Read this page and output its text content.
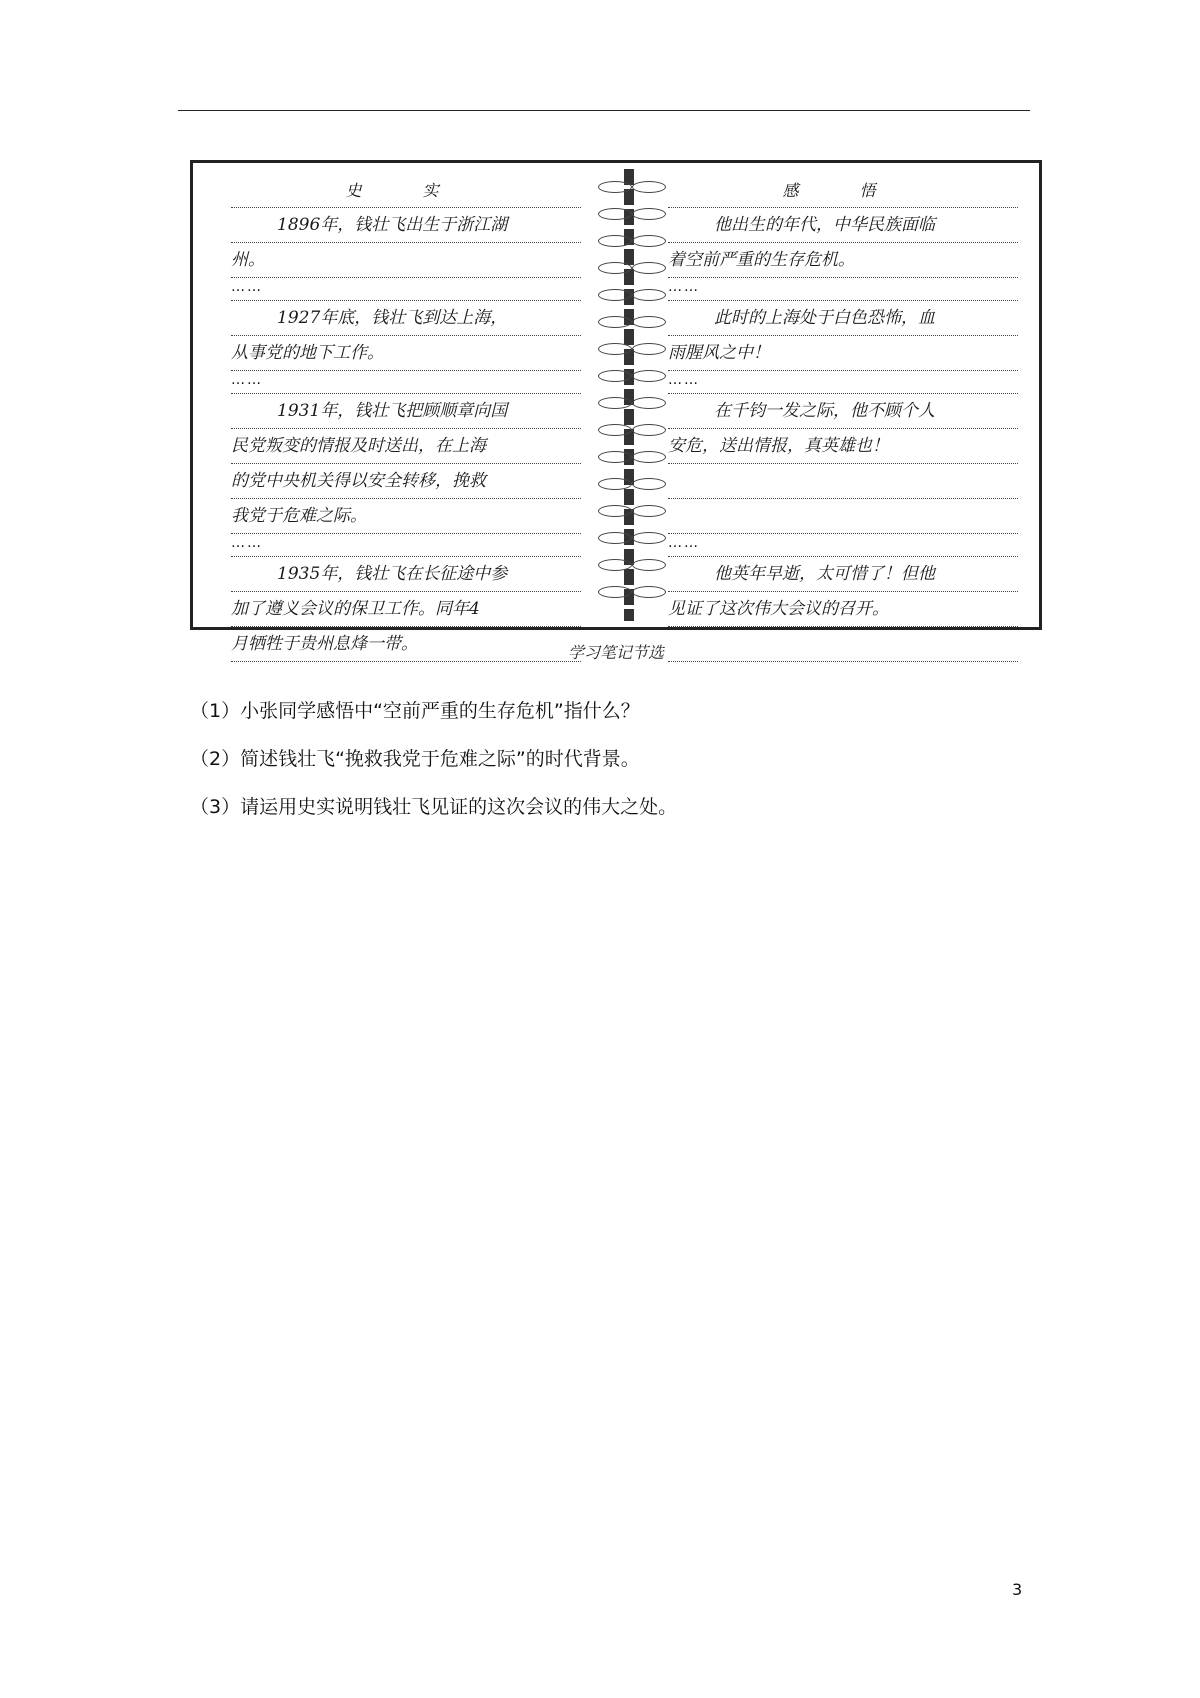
史 实
1896年，钱壮飞出生于浙江湖
州。
……
1927年底，钱壮飞到达上海，
从事党的地下工作。
……
1931年，钱壮飞把顾顺章向国
民党叛变的情报及时送出，在上海
的党中央机关得以安全转移，挽救
我党于危难之际。
……
1935年，钱壮飞在长征途中参
加了遵义会议的保卫工作。同年4
月牺牲于贵州息烽一带。
感 悟
他出生的年代，中华民族面临
着空前严重的生存危机。
……
此时的上海处于白色恐怖，血
雨腥风之中！
……
在千钧一发之际，他不顾个人
安危，送出情报，真英雄也！
……
他英年早逝，太可惜了！但他
见证了这次伟大会议的召开。
学习笔记节选
（1）小张同学感悟中“空前严重的生存危机”指什么？
（2）简述钱壮飞“挽救我党于危难之际”的时代背景。
（3）请运用史实说明钱壮飞见证的这次会议的伟大之处。
3
